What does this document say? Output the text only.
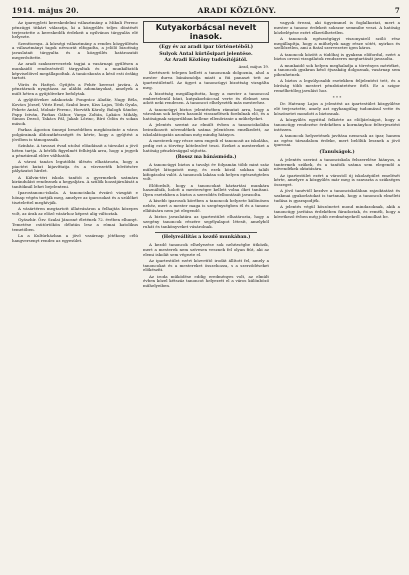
1914. május 20.	ARADI KÖZLÖNY.	7

Az iparegyleti kereskedelmi választmány a Mikuli Ferenc pénzügyi titkárt választja, ki a közgyűlés teljes döntését terjesztette a kereskedők érdekeit a nyilvános tárgyalás elé helyezte.

Szenttornya. A községi választmány a rendes közgyűlésén a választmányi tagok névsorát elfogadta, a jelölő bizottság javaslatait tárgyalta és a közgyűlés határozatát megerősítette.

Az aradi szakszervezetek tagjai a vasárnapi gyűlésen a munkaidő rendezéséről tárgyaltak és a munkáltatók képviselőivel megállapodtak. A tanácskozás a késő esti órákig tartott.

Vörös és Hattyú. Gyűjtés a Fehér kereszt javára. A pénztárnok nyugtázza az alábbi adományokat, amelyek a múlt héten a gyűjtőívekre befolytak.

A gyűjtőívekre adakoztak: Pongrácz Aladár, Nagy Béla, Kovács József, Vitéz Ernő, Szabó Imre, Kiss Lajos, Tóth Gyula, Fekete Antal, Molnár Ferenc, Horváth Károly, Balogh Sándor, Papp István, Farkas Gábor, Varga Zoltán, Lukács Mihály, Simon Dezső, Takács Pál, Jakab Lőrinc, Bíró Ödön és sokan mások.

Farkas Ágoston ünnepi beszédében megköszönte a város polgárainak áldozatkészségét és kérte, hogy a gyűjtést a jövőben is támogassák.

Színház. A tavaszi évad utolsó előadásait a társulat a jövő héten tartja. A bérlők figyelmét felhívják arra, hogy a jegyek a pénztárnál előre válthatók.

A városi tanács legutóbbi ülésén elhatározta, hogy a piactéri kutat kijavíttatja és a vízvezeték bővítésére pályázatot hirdet.

A Kálvin-téri iskola tanítói a gyermekek számára kirándulást rendeznek a hegyaljára. A szülők hozzájárulását a tanítóknál lehet bejelenteni.

Iparostanonc-iskola. A tanonciskola évzáró vizsgáit e hónap végén tartják meg, amelyre az iparosokat és a szülőket tisztelettel meghívják.

A vásártéren megtartott állatvásáron a felhajtás közepes volt, az árak az előző vásárhoz képest alig változtak.

Gyászhír. Özv. Szalai Jánosné életének 72. évében elhunyt. Temetése csütörtökön délután lesz a római katolikus temetőben.

La a Kultúrházban a jövő vasárnap jótékony célú hangversenyt rendez az egyesület.

Kutyakorbácsal nevelt inasok.

(Egy év az aradi ipar történetéből.)

Sulyok Antal kürtősipari jelentése.

Az Aradi Közlöny tudósítójától.

Arad, május 19.

Kertészeti telepen kellett a tanoncnak dolgoznia, ahol a mester durva bánásmódja miatt a fiú panaszt tett az ipartestületnél. Az ügyet a tanoncügyi bizottság vizsgálta meg.

A bizottság megállapította, hogy a mester a tanonccal embertelenül bánt, kutyakorbáccsal verte és élelmet sem adott neki rendesen. A tanoncot elhelyezték más mesterhez.

A tanoncügyi biztos jelentésében rámutat arra, hogy a városban sok helyen hasonló visszaélések fordulnak elő, és a hatóságnak szigorúbban kellene ellenőriznie a műhelyeket.

A jelentés szerint az elmúlt évben a tanonciskolába beiratkozott növendékek száma jelentősen emelkedett, az iskolalátogatás azonban még mindig hiányos.

A mesterek egy része nem engedi el tanoncait az iskolába, pedig ezt a törvény kötelezővé teszi. Ezeket a mestereket a hatóság pénzbírsággal sújtotta.

(Rossz ma bánásmóda.)

A tanoncügyi biztos a tavalyi év folyamán több mint száz műhelyt látogatott meg, és ezek közül sokban talált kifogásolni valót. A tanoncok lakása sok helyen egészségtelen volt.

Előfordult, hogy a tanoncokat háztartási munkára használták, holott a mesterségre kellett volna őket tanítani. Ilyen esetekben a biztos a szerződés felbontását javasolta.

A kisebb iparosok körében a tanoncok helyzete különösen nehéz, mert a mester maga is szegénységben él és a tanonc ellátására nem jut elegendő.

A biztos javaslatára az ipartestület elhatározta, hogy a szegény tanoncok részére segélyalapot létesít, amelyből ruhát és tankönyveket vásárolnak.

(Helyreállítás a kezdő munkában.)

A kezdő tanoncok elhelyezése sok nehézségbe ütközik, mert a mesterek nem szívesen vesznek fel olyan fiút, aki az elemi iskolát sem végezte el.

Az ipartestület ezért közvetítő irodát állított fel, amely a tanoncokat és a mestereket összehozza, s a szerződéseket előkészíti.

Az iroda működése eddig eredményes volt, az elmúlt évben közel kétszáz tanoncot helyezett el a város különböző műhelyeiben.

vagyok érezni, aki ügyeimmel is foglalkoztat, mert a mester a tanonc érdekeit sokszor semmibe veszi. A hatóság közbelépése ezért elkerülhetetlen.

A tanoncok egészségügyi viszonyairól szóló rész megállapítja, hogy a műhelyek nagy része sötét, nyirkos és szellőzetlen, ami a fiatal szervezetre igen káros.

A tanoncok között a tüdőbaj is gyakran előfordul, ezért a biztos orvosi vizsgálatok rendszeres megtartását javasolta.

A munkaidő sok helyen meghaladja a törvényes mértéket, a tanoncok gyakran késő éjszakáig dolgoznak, vasárnap sem pihenhetnek.

A biztos a legsúlyosabb esetekben feljelentést tett, és a bíróság több mestert pénzbüntetésre ítélt. Ez a szigor remélhetőleg javulást hoz.

* * *

Dr. Hatvany Lajos a jelentést az ipartestület közgyűlése elé terjesztette, amely azt egyhangúlag tudomásul vette és köszönetet mondott a biztosnak.

A közgyűlés egyúttal felkérte az elöljáróságot, hogy a tanoncügy rendezése érdekében a kormányhoz felterjesztést intézzen.

A tanoncok helyzetének javítása nemcsak az ipar, hanem az egész társadalom érdeke, mert belőlük lesznek a jövő iparosai.

(Tanulságok.)

A jelentés szerint a tanonciskola felszerelése hiányos, a tantermek szűkek, és a tanítók száma sem elegendő a növendékek oktatására.

Az ipartestület ezért a várostól új iskolaépület emelését kérte, amelyre a közgyűlés már meg is szavazta a szükséges összeget.

A jövő tanévtől kezdve a tanonciskolában rajzoktatást és szakmai gyakorlatokat is tartanak, hogy a tanoncok elméleti tudása is gyarapodjék.

A jelentés végül köszönetet mond mindazoknak, akik a tanoncügy javítása érdekében fáradoztak, és reméli, hogy a következő évben még jobb eredményekről számolhat be.
